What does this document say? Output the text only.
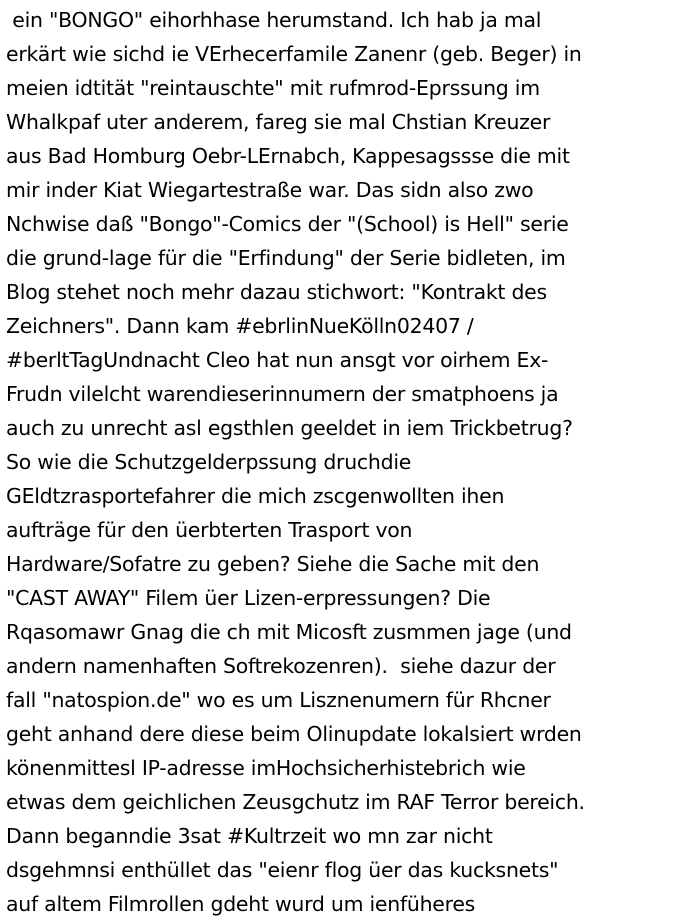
ein "BONGO" eihorhhase herumstand. Ich hab ja mal
erkärt wie sichd ie VErhecerfamile Zanenr (geb. Beger) in
meien idtität "reintauschte" mit rufmrod-Eprssung im
Whalkpaf uter anderem, fareg sie mal Chstian Kreuzer
aus Bad Homburg Oebr-LErnabch, Kappesagssse die mit
mir inder Kiat Wiegartestraße war. Das sidn also zwo
Nchwise daß "Bongo"-Comics der "(School) is Hell" serie
die grund-lage für die "Erfindung" der Serie bidleten, im
Blog stehet noch mehr dazau stichwort: "Kontrakt des
Zeichners". Dann kam #ebrlinNueKölln02407 /
#berltTagUndnacht Cleo hat nun ansgt vor oirhem Ex-
Frudn vilelcht warendieserinnumern der smatphoens ja
auch zu unrecht asl egsthlen geeldet in iem Trickbetrug?
So wie die Schutzgelderpssung druchdie
GEldtzrasportefahrer die mich zscgenwollten ihen
aufträge für den üerbterten Trasport von
Hardware/Sofatre zu geben? Siehe die Sache mit den
"CAST AWAY" Filem üer Lizen-erpressungen? Die
Rqasomawr Gnag die ch mit Micosft zusmmen jage (und
andern namenhaften Softrekozenren).  siehe dazur der
fall "natospion.de" wo es um Lisznenumern für Rhcner
geht anhand dere diese beim Olinupdate lokalsiert wrden
könenmittesl IP-adresse imHochsicherhistebrich wie
etwas dem geichlichen Zeusgchutz im RAF Terror bereich.
Dann beganndie 3sat #Kultrzeit wo mn zar nicht
dsgehmnsi enthüllet das "eienr flog üer das kucksnets"
auf altem Filmrollen gdeht wurd um ienfüheres
